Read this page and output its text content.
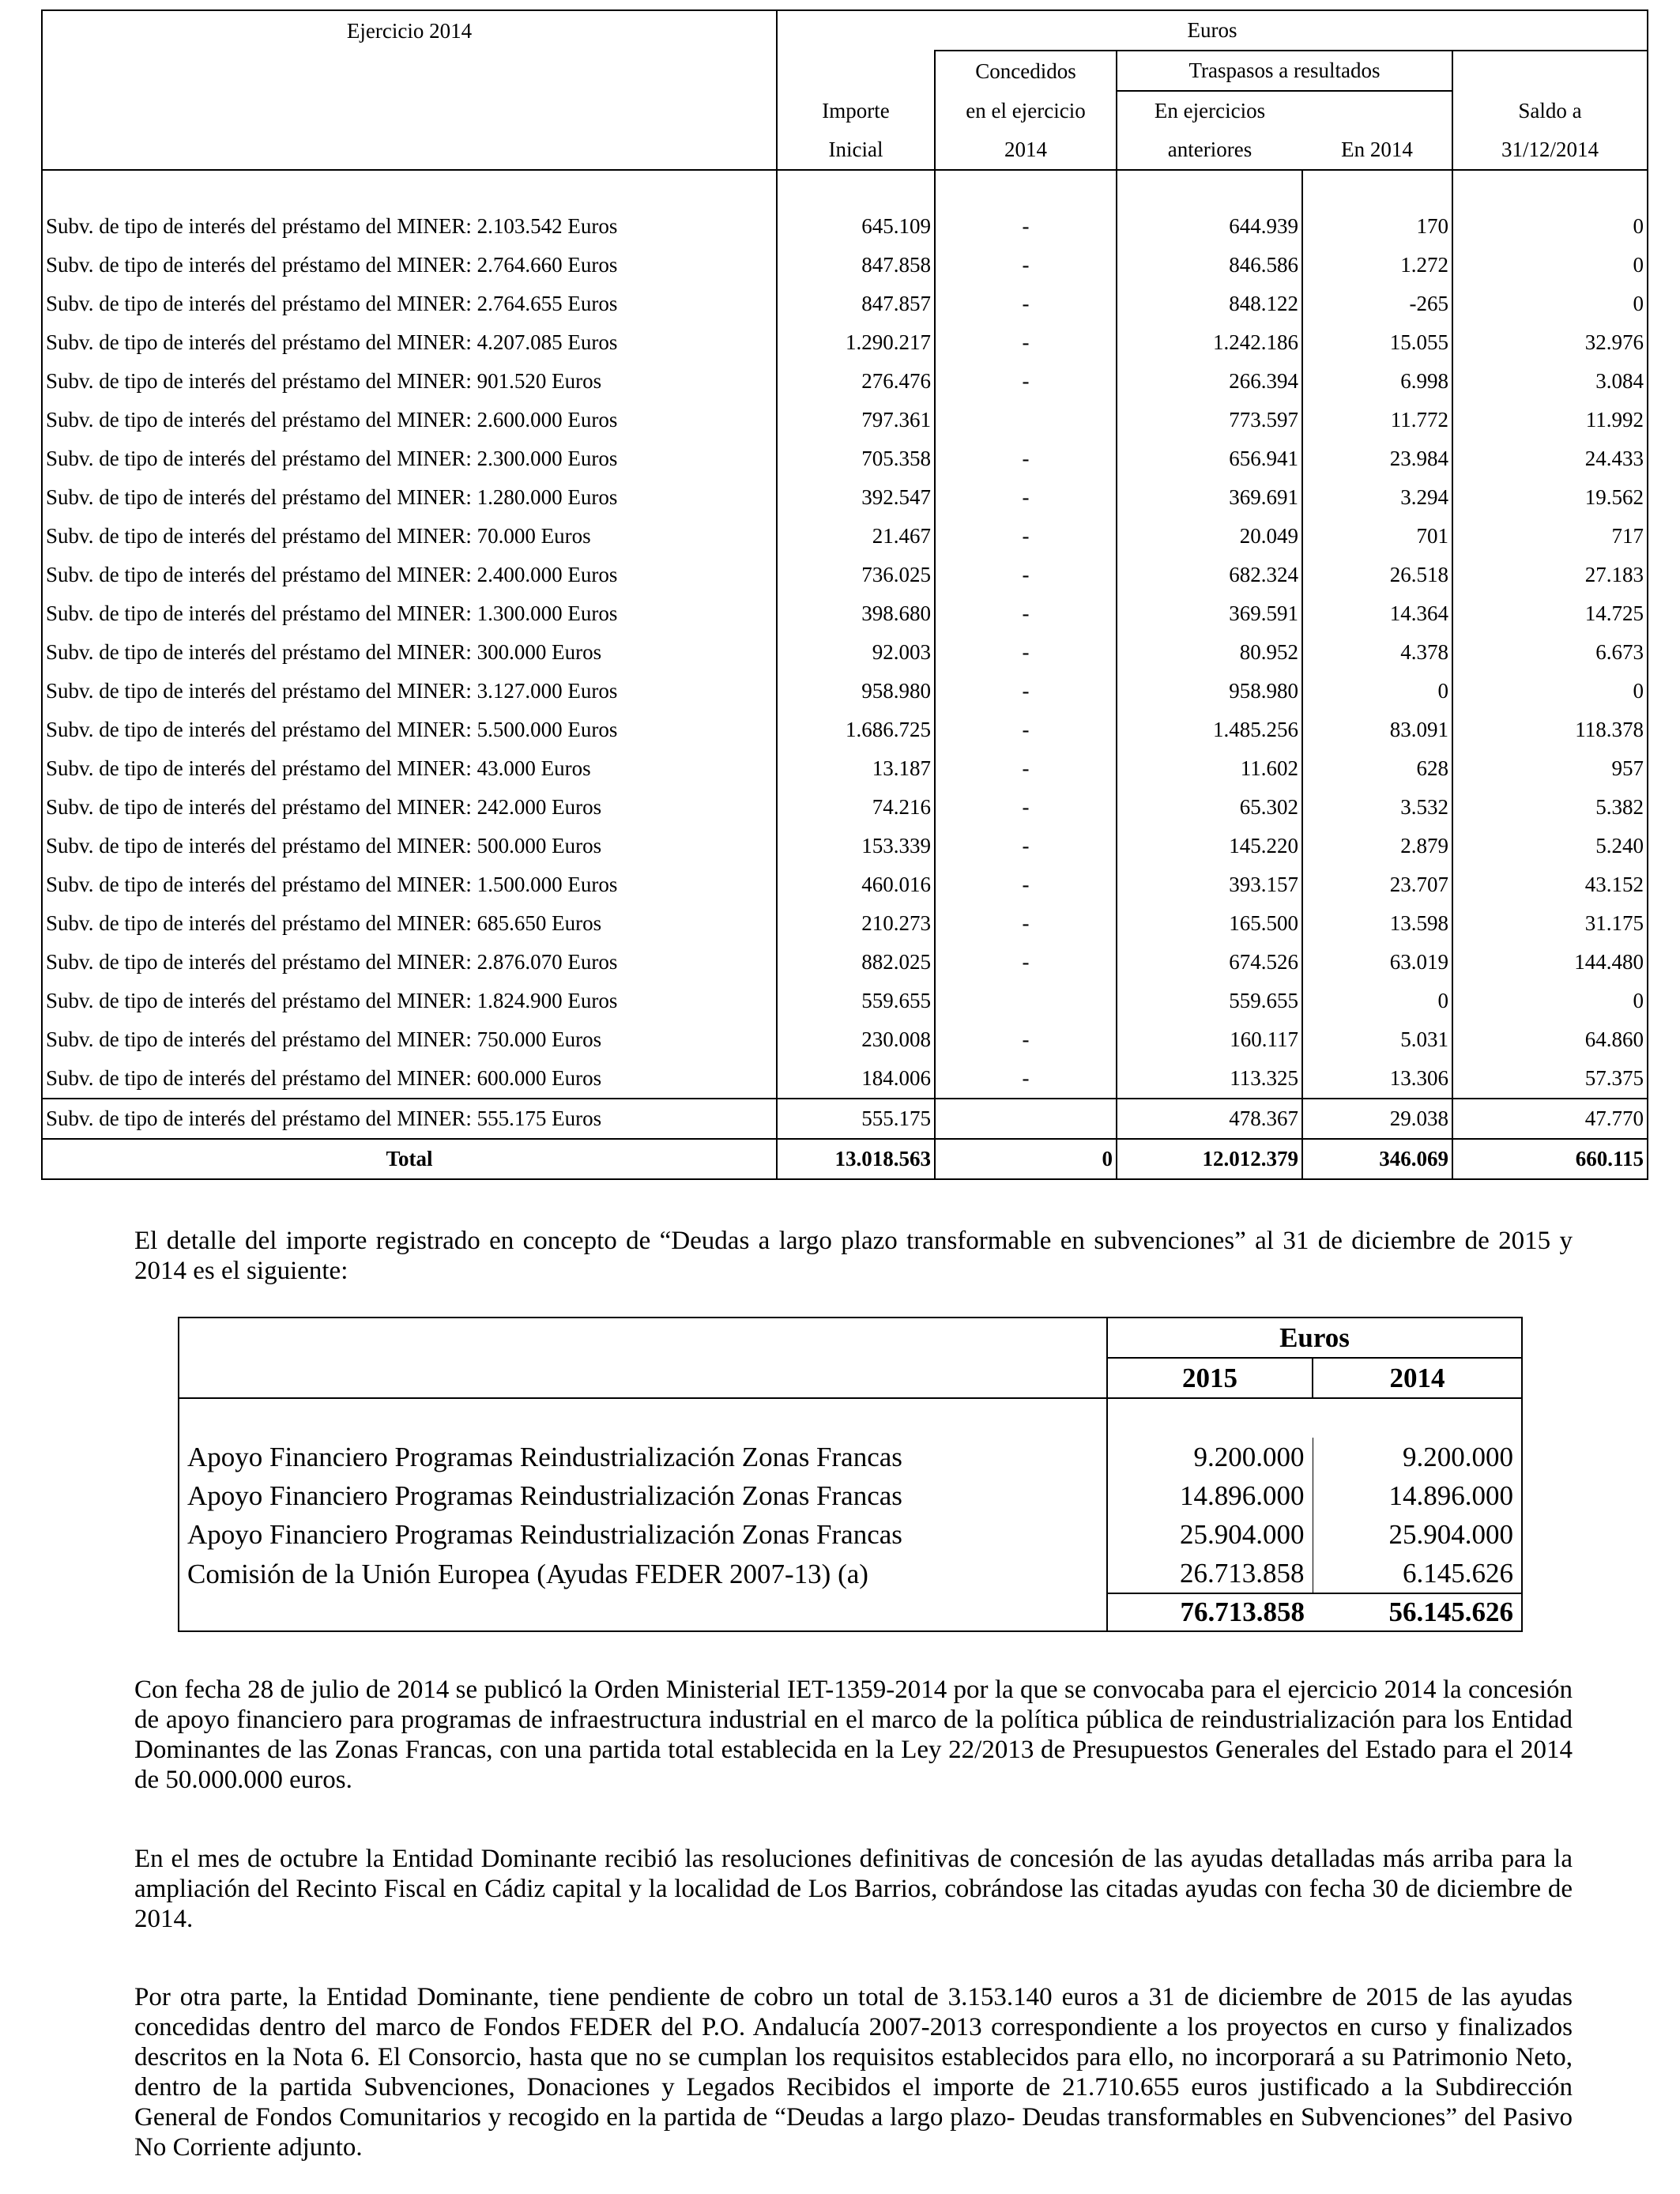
Ejercicio 2014	Euros				
		Concedidos	Traspasos a resultados		
	Importe	en el ejercicio	En ejercicios		Saldo a
	Inicial	2014	anteriores	En 2014	31/12/2014

Subv. de tipo de interés del préstamo del MINER: 2.103.542 Euros	645.109	-	644.939	170	0
Subv. de tipo de interés del préstamo del MINER: 2.764.660 Euros	847.858	-	846.586	1.272	0
Subv. de tipo de interés del préstamo del MINER: 2.764.655 Euros	847.857	-	848.122	-265	0
Subv. de tipo de interés del préstamo del MINER: 4.207.085 Euros	1.290.217	-	1.242.186	15.055	32.976
Subv. de tipo de interés del préstamo del MINER: 901.520 Euros	276.476	-	266.394	6.998	3.084
Subv. de tipo de interés del préstamo del MINER: 2.600.000 Euros	797.361		773.597	11.772	11.992
Subv. de tipo de interés del préstamo del MINER: 2.300.000 Euros	705.358	-	656.941	23.984	24.433
Subv. de tipo de interés del préstamo del MINER: 1.280.000 Euros	392.547	-	369.691	3.294	19.562
Subv. de tipo de interés del préstamo del MINER: 70.000 Euros	21.467	-	20.049	701	717
Subv. de tipo de interés del préstamo del MINER: 2.400.000 Euros	736.025	-	682.324	26.518	27.183
Subv. de tipo de interés del préstamo del MINER: 1.300.000 Euros	398.680	-	369.591	14.364	14.725
Subv. de tipo de interés del préstamo del MINER: 300.000 Euros	92.003	-	80.952	4.378	6.673
Subv. de tipo de interés del préstamo del MINER: 3.127.000 Euros	958.980	-	958.980	0	0
Subv. de tipo de interés del préstamo del MINER: 5.500.000 Euros	1.686.725	-	1.485.256	83.091	118.378
Subv. de tipo de interés del préstamo del MINER: 43.000 Euros	13.187	-	11.602	628	957
Subv. de tipo de interés del préstamo del MINER: 242.000 Euros	74.216	-	65.302	3.532	5.382
Subv. de tipo de interés del préstamo del MINER: 500.000 Euros	153.339	-	145.220	2.879	5.240
Subv. de tipo de interés del préstamo del MINER: 1.500.000 Euros	460.016	-	393.157	23.707	43.152
Subv. de tipo de interés del préstamo del MINER: 685.650 Euros	210.273	-	165.500	13.598	31.175
Subv. de tipo de interés del préstamo del MINER: 2.876.070 Euros	882.025	-	674.526	63.019	144.480
Subv. de tipo de interés del préstamo del MINER: 1.824.900 Euros	559.655		559.655	0	0
Subv. de tipo de interés del préstamo del MINER: 750.000 Euros	230.008	-	160.117	5.031	64.860
Subv. de tipo de interés del préstamo del MINER: 600.000 Euros	184.006	-	113.325	13.306	57.375
Subv. de tipo de interés del préstamo del MINER: 555.175 Euros	555.175		478.367	29.038	47.770
Total	13.018.563	0	12.012.379	346.069	660.115

El detalle del importe registrado en concepto de “Deudas a largo plazo transformable en subvenciones” al 31 de diciembre de 2015 y 2014 es el siguiente:

	Euros	
	2015	2014

Apoyo Financiero Programas Reindustrialización Zonas Francas	9.200.000	9.200.000
Apoyo Financiero Programas Reindustrialización Zonas Francas	14.896.000	14.896.000
Apoyo Financiero Programas Reindustrialización Zonas Francas	25.904.000	25.904.000
Comisión de la Unión Europea (Ayudas FEDER 2007-13) (a)	26.713.858	6.145.626
	76.713.858	56.145.626

Con fecha 28 de julio de 2014 se publicó la Orden Ministerial IET-1359-2014 por la que se convocaba para el ejercicio 2014 la concesión de apoyo financiero para programas de infraestructura industrial en el marco de la política pública de reindustrialización para los Entidad Dominantes de las Zonas Francas, con una partida total establecida en la Ley 22/2013 de Presupuestos Generales del Estado para el 2014 de 50.000.000 euros.

En el mes de octubre la Entidad Dominante recibió las resoluciones definitivas de concesión de las ayudas detalladas más arriba para la ampliación del Recinto Fiscal en Cádiz capital y la localidad de Los Barrios, cobrándose las citadas ayudas con fecha 30 de diciembre de 2014.

Por otra parte, la Entidad Dominante, tiene pendiente de cobro un total de 3.153.140 euros a 31 de diciembre de 2015 de las ayudas concedidas dentro del marco de Fondos FEDER del P.O. Andalucía 2007-2013 correspondiente a los proyectos en curso y finalizados descritos en la Nota 6. El Consorcio, hasta que no se cumplan los requisitos establecidos para ello, no incorporará a su Patrimonio Neto, dentro de la partida Subvenciones, Donaciones y Legados Recibidos el importe de 21.710.655 euros justificado a la Subdirección General de Fondos Comunitarios y recogido en la partida de “Deudas a largo plazo- Deudas transformables en Subvenciones” del Pasivo No Corriente adjunto.
